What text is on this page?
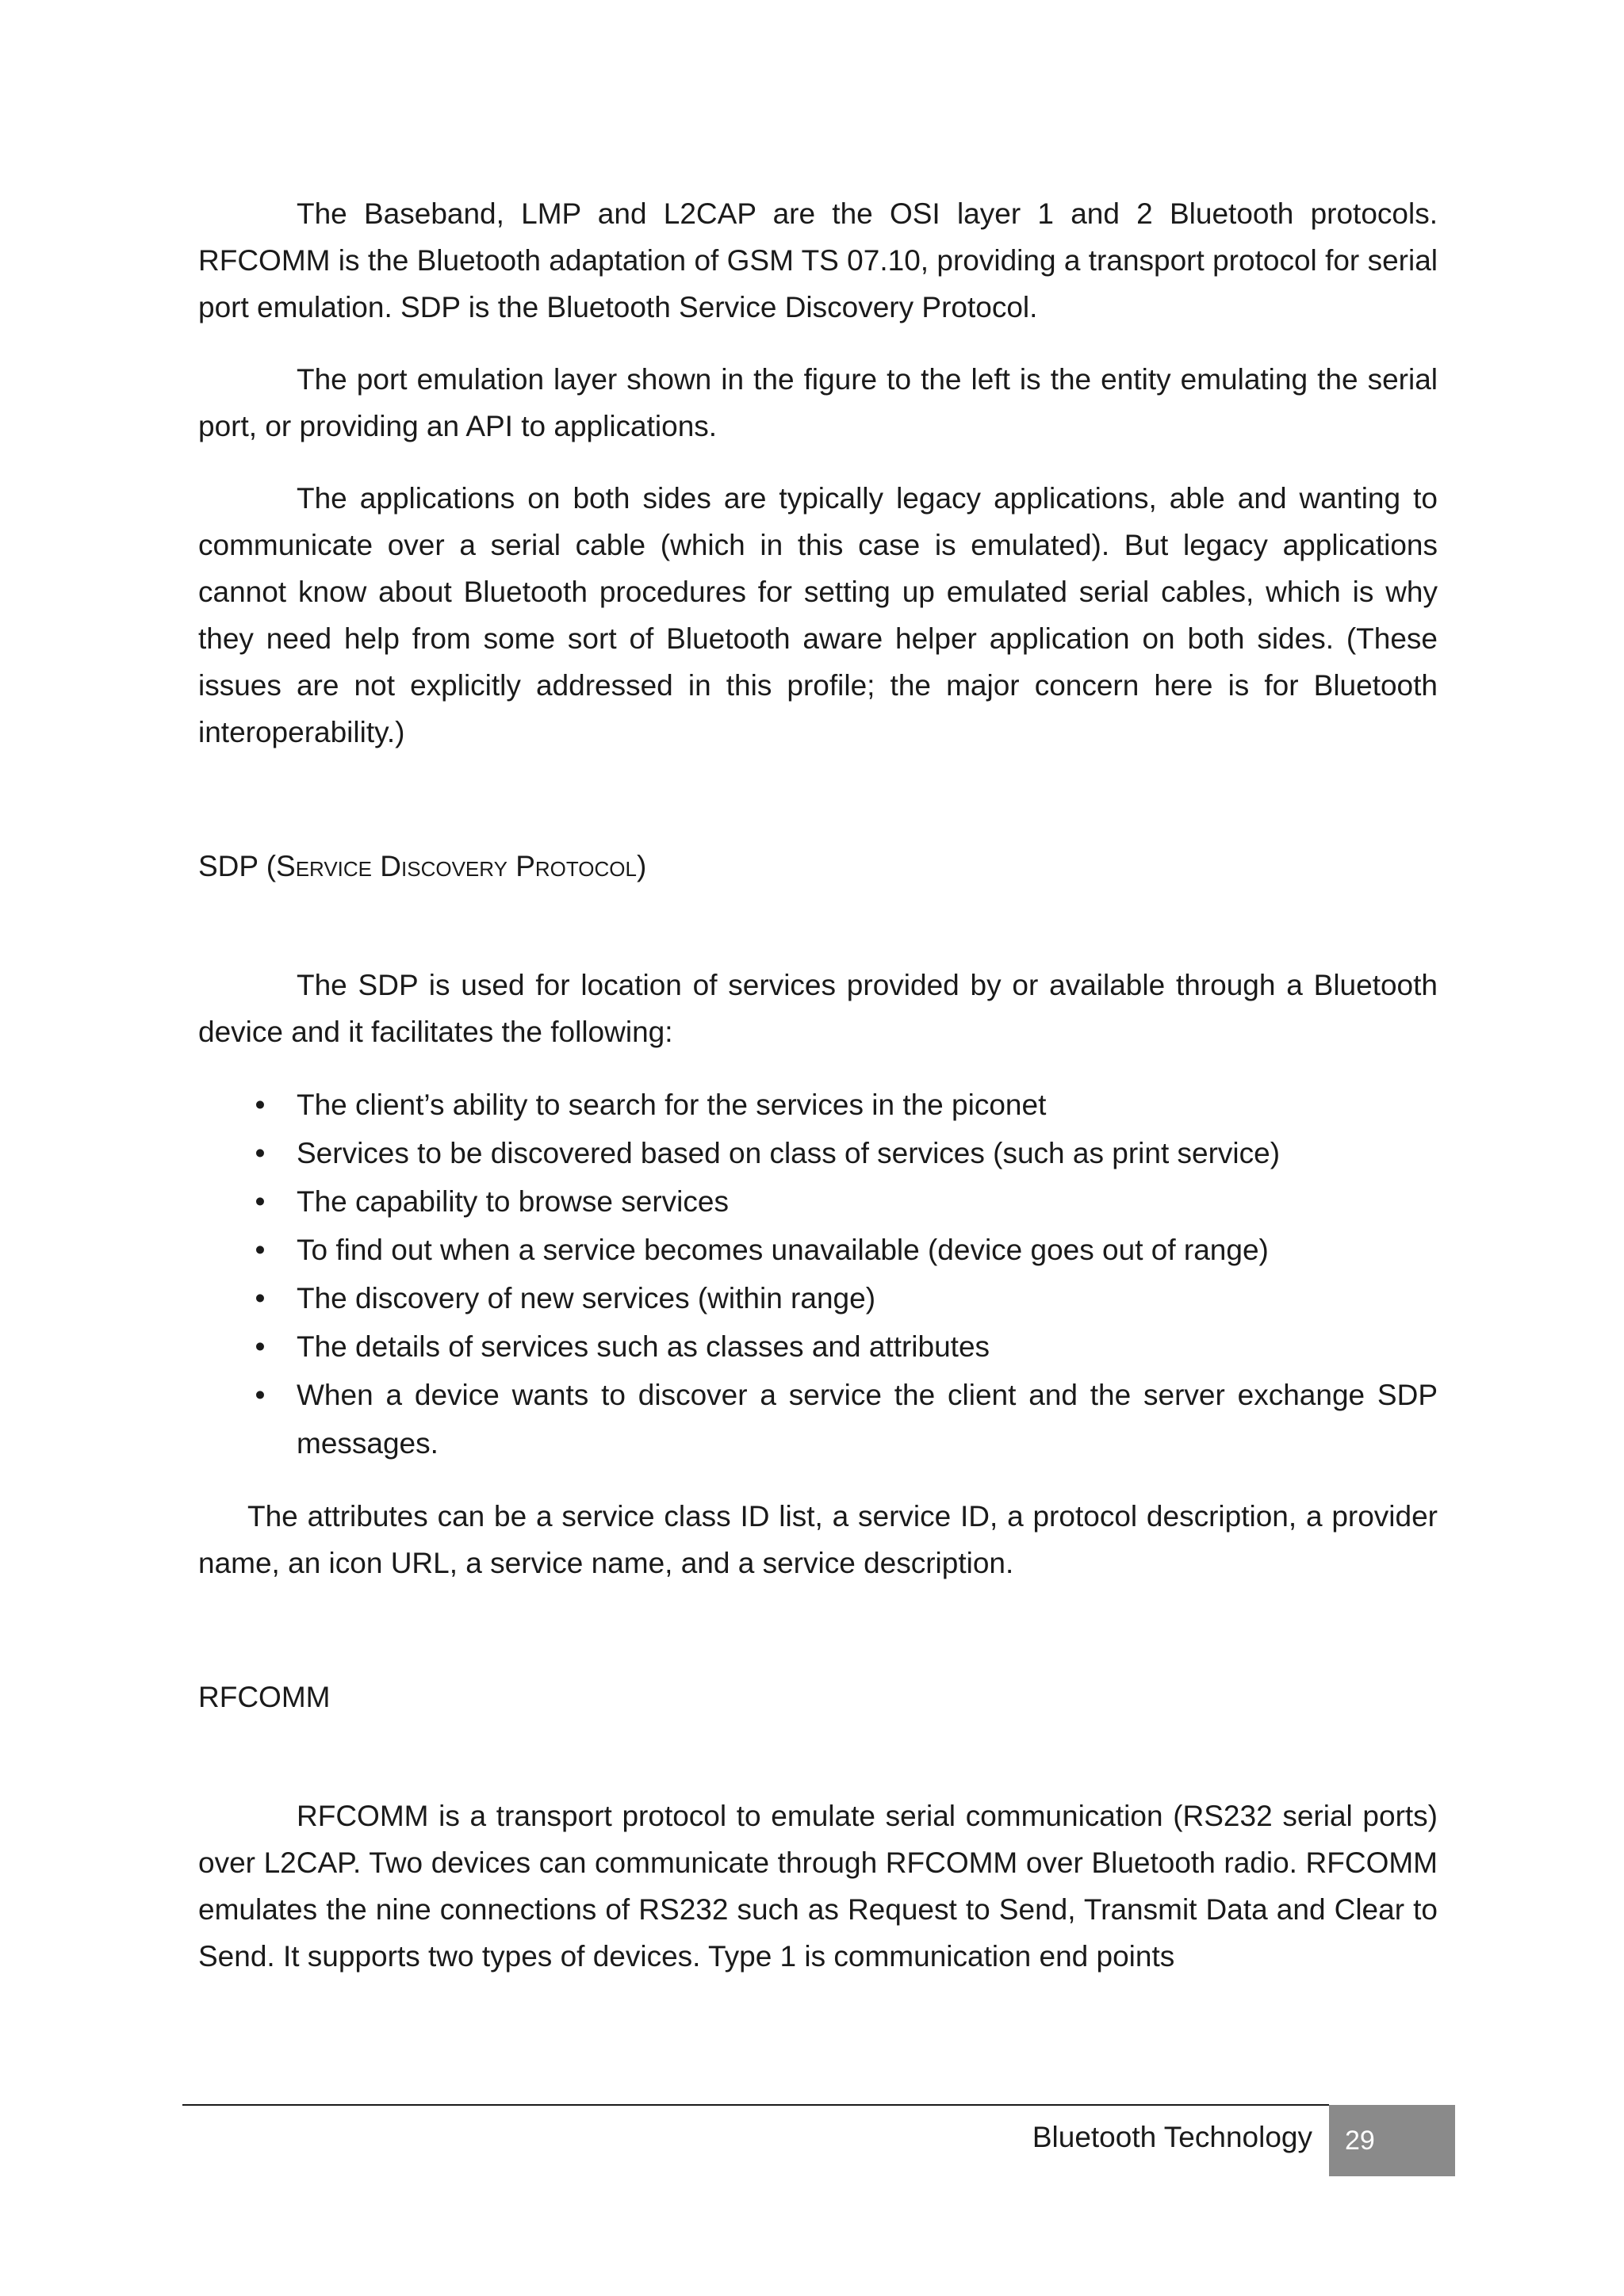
The Baseband, LMP and L2CAP are the OSI layer 1 and 2 Bluetooth protocols. RFCOMM is the Bluetooth adaptation of GSM TS 07.10, providing a transport protocol for serial port emulation. SDP is the Bluetooth Service Discovery Protocol.

The port emulation layer shown in the figure to the left is the entity emulating the serial port, or providing an API to applications.

The applications on both sides are typically legacy applications, able and wanting to communicate over a serial cable (which in this case is emulated). But legacy applications cannot know about Bluetooth procedures for setting up emulated serial cables, which is why they need help from some sort of Bluetooth aware helper application on both sides. (These issues are not explicitly addressed in this profile; the major concern here is for Bluetooth interoperability.)

SDP (Service Discovery Protocol)

The SDP is used for location of services provided by or available through a Bluetooth device and it facilitates the following:

• The client’s ability to search for the services in the piconet
• Services to be discovered based on class of services (such as print service)
• The capability to browse services
• To find out when a service becomes unavailable (device goes out of range)
• The discovery of new services (within range)
• The details of services such as classes and attributes
• When a device wants to discover a service the client and the server exchange SDP messages.

The attributes can be a service class ID list, a service ID, a protocol description, a provider name, an icon URL, a service name, and a service description.

RFCOMM

RFCOMM is a transport protocol to emulate serial communication (RS232 serial ports) over L2CAP. Two devices can communicate through RFCOMM over Bluetooth radio. RFCOMM emulates the nine connections of RS232 such as Request to Send, Transmit Data and Clear to Send. It supports two types of devices. Type 1 is communication end points

Bluetooth Technology	29
